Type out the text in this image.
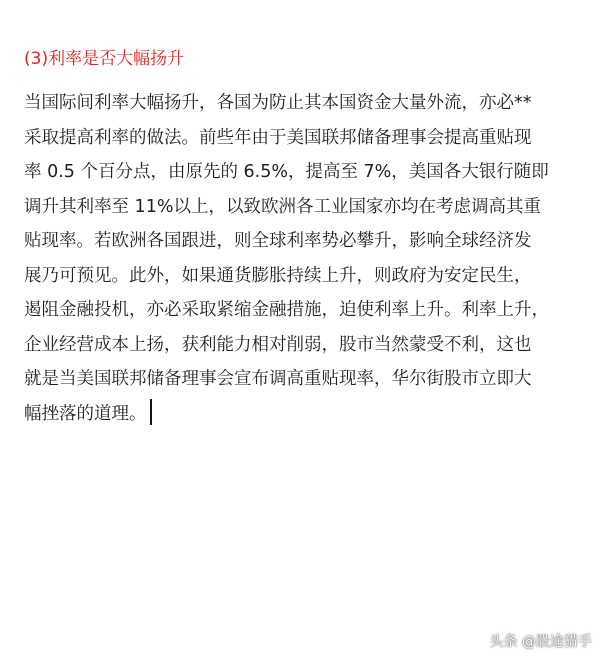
(3)利率是否大幅扬升
当国际间利率大幅扬升，各国为防止其本国资金大量外流，亦必**
采取提高利率的做法。前些年由于美国联邦储备理事会提高重贴现
率 0.5 个百分点，由原先的 6.5%，提高至 7%，美国各大银行随即
调升其利率至 11%以上，以致欧洲各工业国家亦均在考虑调高其重
贴现率。若欧洲各国跟进，则全球利率势必攀升，影响全球经济发
展乃可预见。此外，如果通货膨胀持续上升，则政府为安定民生，
遏阻金融投机，亦必采取紧缩金融措施，迫使利率上升。利率上升，
企业经营成本上扬，获利能力相对削弱，股市当然蒙受不利，这也
就是当美国联邦储备理事会宣布调高重贴现率，华尔街股市立即大
幅挫落的道理。
头条 @股途猎手
